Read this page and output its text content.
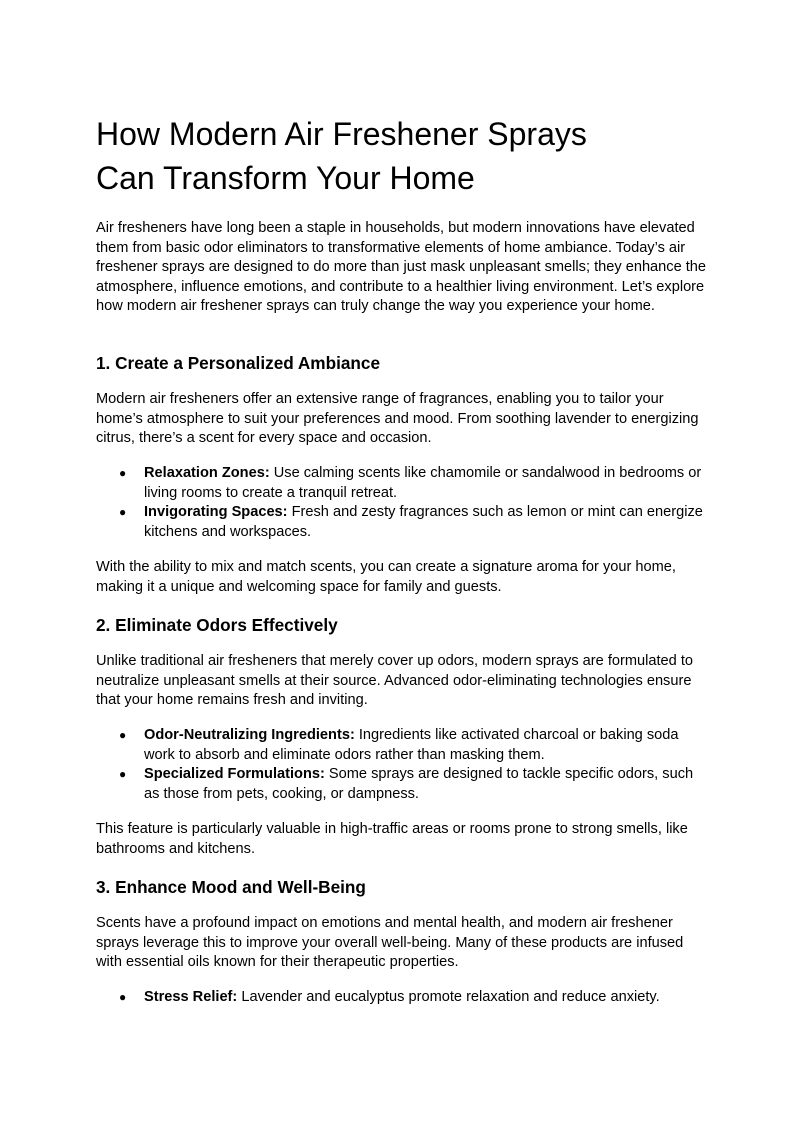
How Modern Air Freshener Sprays
Can Transform Your Home

Air fresheners have long been a staple in households, but modern innovations have elevated them from basic odor eliminators to transformative elements of home ambiance. Today’s air freshener sprays are designed to do more than just mask unpleasant smells; they enhance the atmosphere, influence emotions, and contribute to a healthier living environment. Let’s explore how modern air freshener sprays can truly change the way you experience your home.

1. Create a Personalized Ambiance

Modern air fresheners offer an extensive range of fragrances, enabling you to tailor your home’s atmosphere to suit your preferences and mood. From soothing lavender to energizing citrus, there’s a scent for every space and occasion.

● Relaxation Zones: Use calming scents like chamomile or sandalwood in bedrooms or living rooms to create a tranquil retreat.
● Invigorating Spaces: Fresh and zesty fragrances such as lemon or mint can energize kitchens and workspaces.

With the ability to mix and match scents, you can create a signature aroma for your home, making it a unique and welcoming space for family and guests.

2. Eliminate Odors Effectively

Unlike traditional air fresheners that merely cover up odors, modern sprays are formulated to neutralize unpleasant smells at their source. Advanced odor-eliminating technologies ensure that your home remains fresh and inviting.

● Odor-Neutralizing Ingredients: Ingredients like activated charcoal or baking soda work to absorb and eliminate odors rather than masking them.
● Specialized Formulations: Some sprays are designed to tackle specific odors, such as those from pets, cooking, or dampness.

This feature is particularly valuable in high-traffic areas or rooms prone to strong smells, like bathrooms and kitchens.

3. Enhance Mood and Well-Being

Scents have a profound impact on emotions and mental health, and modern air freshener sprays leverage this to improve your overall well-being. Many of these products are infused with essential oils known for their therapeutic properties.

● Stress Relief: Lavender and eucalyptus promote relaxation and reduce anxiety.
